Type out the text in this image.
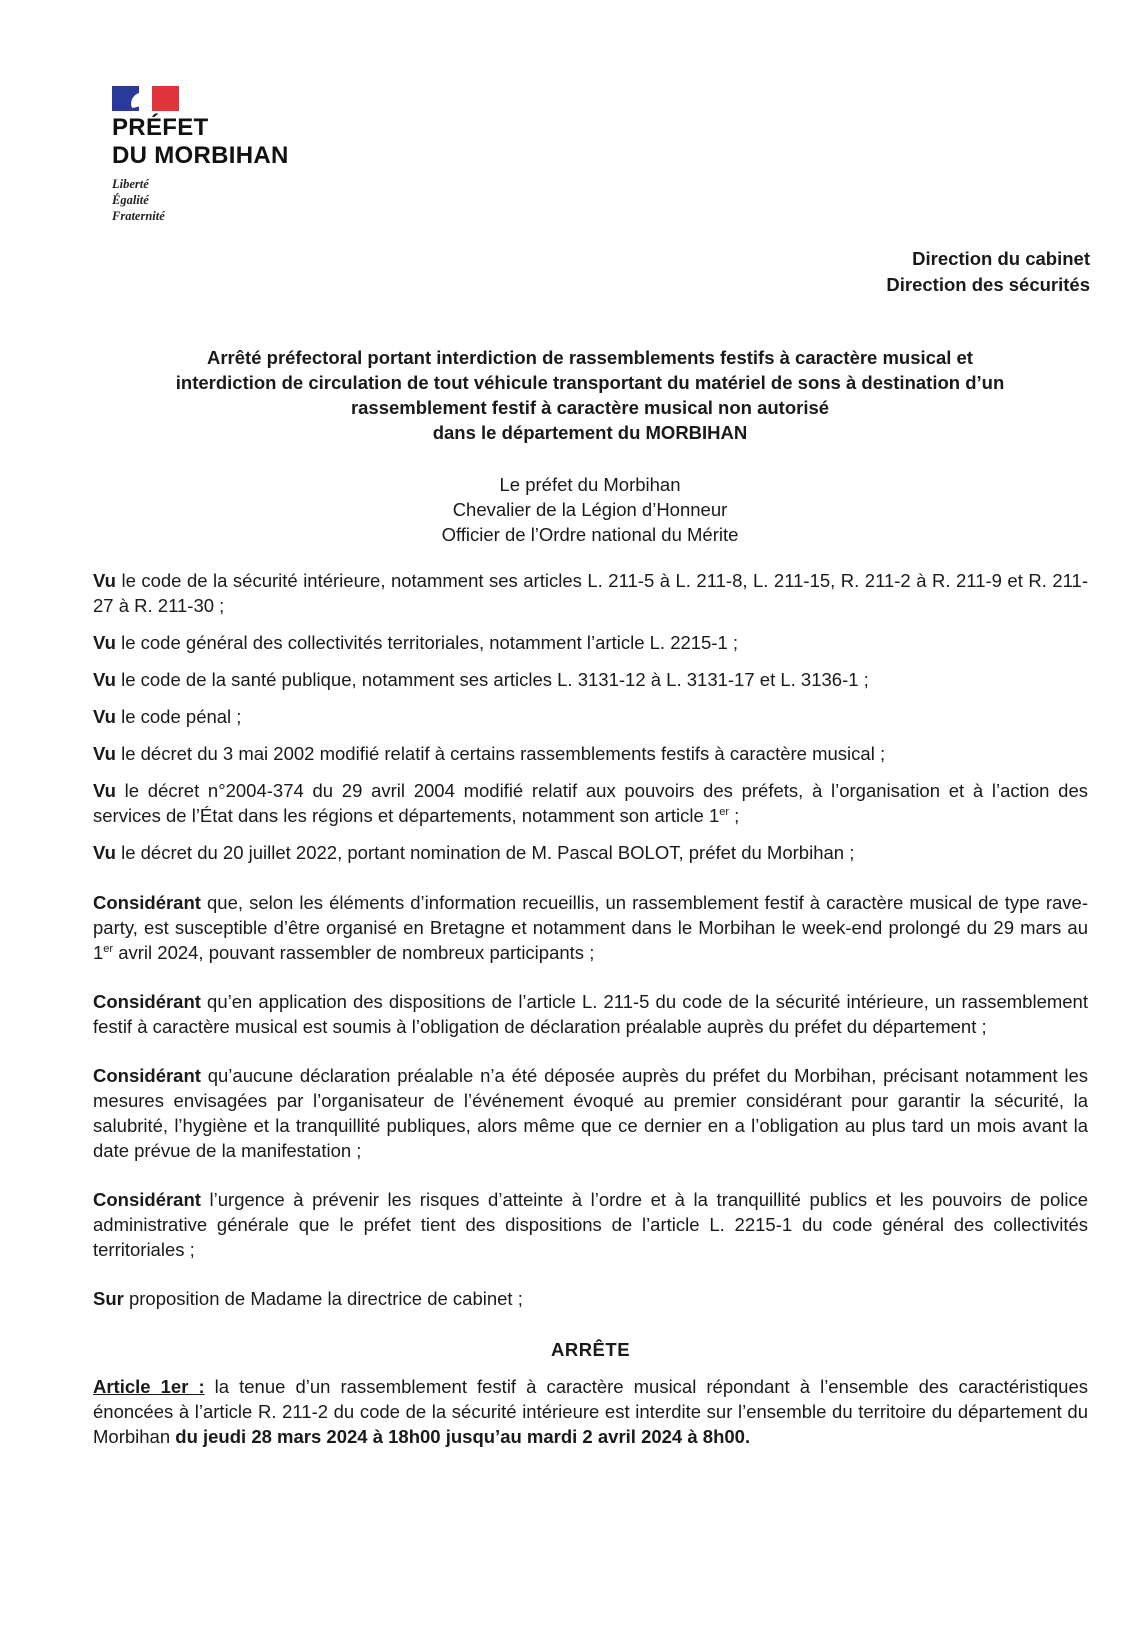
PRÉFET
DU MORBIHAN
Liberté
Égalité
Fraternité
Direction du cabinet
Direction des sécurités
Arrêté préfectoral portant interdiction de rassemblements festifs à caractère musical et
interdiction de circulation de tout véhicule transportant du matériel de sons à destination d’un
rassemblement festif à caractère musical non autorisé
dans le département du MORBIHAN
Le préfet du Morbihan
Chevalier de la Légion d’Honneur
Officier de l’Ordre national du Mérite

Vu le code de la sécurité intérieure, notamment ses articles L. 211-5 à L. 211-8, L. 211-15, R. 211-2 à R. 211-9 et R. 211-27 à R. 211-30 ;

Vu le code général des collectivités territoriales, notamment l’article L. 2215-1 ;

Vu le code de la santé publique, notamment ses articles L. 3131-12 à L. 3131-17 et L. 3136-1 ;

Vu le code pénal ;

Vu le décret du 3 mai 2002 modifié relatif à certains rassemblements festifs à caractère musical ;

Vu le décret n°2004-374 du 29 avril 2004 modifié relatif aux pouvoirs des préfets, à l’organisation et à l’action des services de l’État dans les régions et départements, notamment son article 1er ;

Vu le décret du 20 juillet 2022, portant nomination de M. Pascal BOLOT, préfet du Morbihan ;

Considérant que, selon les éléments d’information recueillis, un rassemblement festif à caractère musical de type rave-party, est susceptible d’être organisé en Bretagne et notamment dans le Morbihan le week-end prolongé du 29 mars au 1er avril 2024, pouvant rassembler de nombreux participants ;

Considérant qu’en application des dispositions de l’article L. 211-5 du code de la sécurité intérieure, un rassemblement festif à caractère musical est soumis à l’obligation de déclaration préalable auprès du préfet du département ;

Considérant qu’aucune déclaration préalable n’a été déposée auprès du préfet du Morbihan, précisant notamment les mesures envisagées par l’organisateur de l’événement évoqué au premier considérant pour garantir la sécurité, la salubrité, l’hygiène et la tranquillité publiques, alors même que ce dernier en a l’obligation au plus tard un mois avant la date prévue de la manifestation ;

Considérant l’urgence à prévenir les risques d’atteinte à l’ordre et à la tranquillité publics et les pouvoirs de police administrative générale que le préfet tient des dispositions de l’article L. 2215-1 du code général des collectivités territoriales ;

Sur proposition de Madame la directrice de cabinet ;

ARRÊTE

Article 1er : la tenue d’un rassemblement festif à caractère musical répondant à l’ensemble des caractéristiques énoncées à l’article R. 211-2 du code de la sécurité intérieure est interdite sur l’ensemble du territoire du département du Morbihan du jeudi 28 mars 2024 à 18h00 jusqu’au mardi 2 avril 2024 à 8h00.
